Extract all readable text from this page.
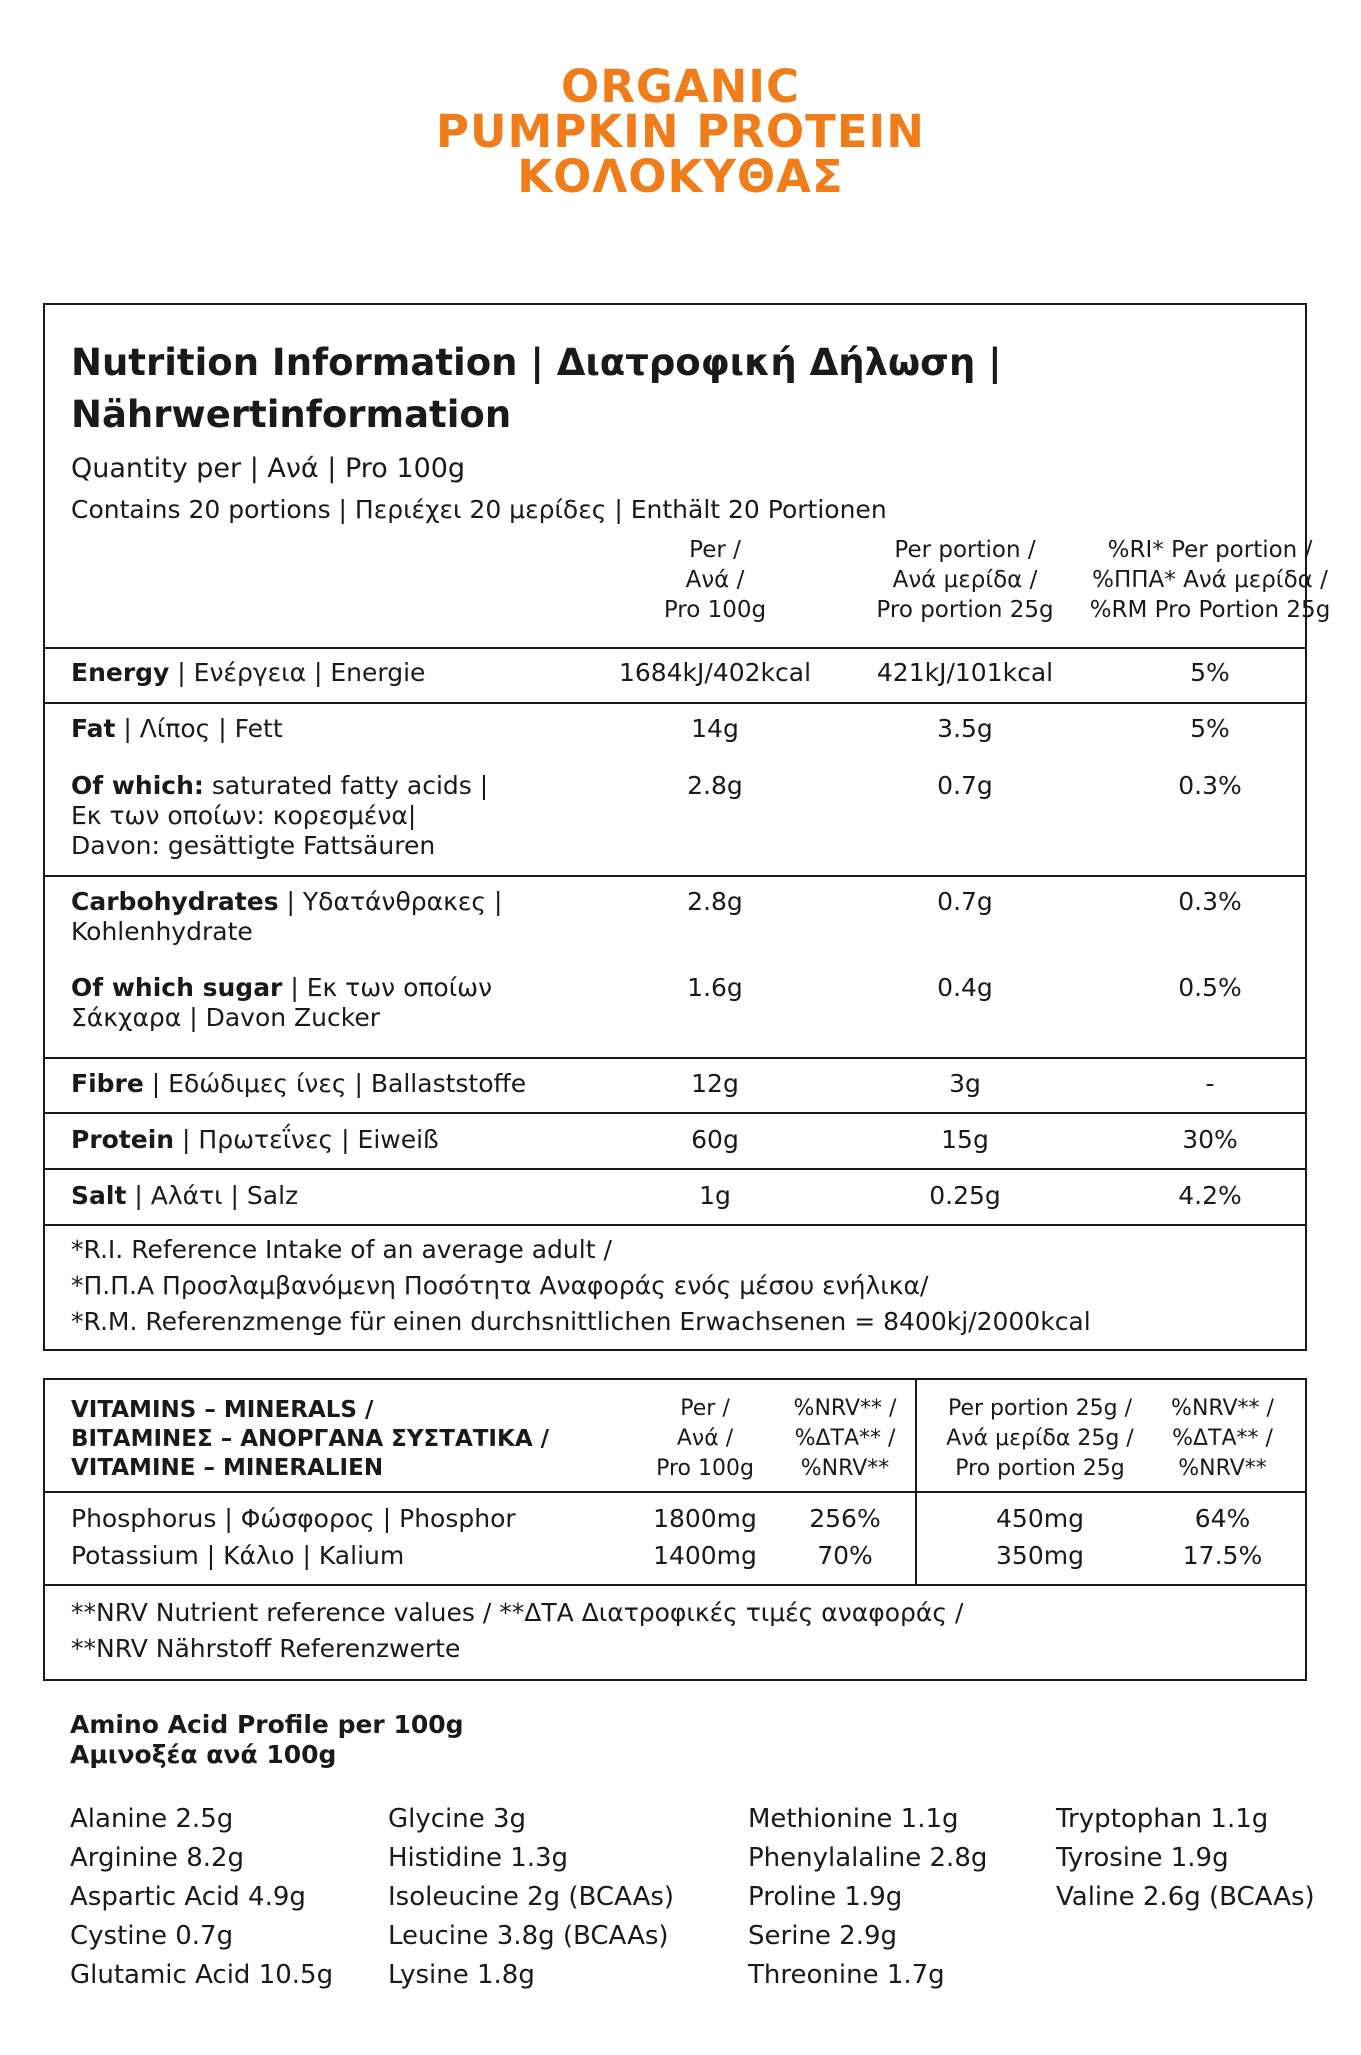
ORGANIC
PUMPKIN PROTEIN
ΚΟΛΟΚΥΘΑΣ
Nutrition Information | Διατροφική Δήλωση |
Nährwertinformation
Quantity per | Ανά | Pro 100g
Contains 20 portions | Περιέχει 20 μερίδες | Enthält 20 Portionen
Per /
Ανά /
Pro 100g
Per portion /
Ανά μερίδα /
Pro portion 25g
%RI* Per portion /
%ΠΠΑ* Ανά μερίδα /
%RM Pro Portion 25g
Energy | Ενέργεια | Energie	1684kJ/402kcal	421kJ/101kcal	5%
Fat | Λίπος | Fett	14g	3.5g	5%
Of which: saturated fatty acids |
Εκ των οποίων: κορεσμένα|
Davon: gesättigte Fattsäuren
2.8g	0.7g	0.3%
Carbohydrates | Υδατάνθρακες |
Kohlenhydrate
2.8g	0.7g	0.3%
Of which sugar | Εκ των οποίων
Σάκχαρα | Davon Zucker
1.6g	0.4g	0.5%
Fibre | Εδώδιμες ίνες | Ballaststoffe	12g	3g	-
Protein | Πρωτεΐνες | Eiweiß	60g	15g	30%
Salt | Αλάτι | Salz	1g	0.25g	4.2%
*R.I. Reference Intake of an average adult /
*Π.Π.Α Προσλαμβανόμενη Ποσότητα Αναφοράς ενός μέσου ενήλικα/
*R.M. Referenzmenge für einen durchsnittlichen Erwachsenen = 8400kj/2000kcal
VITAMINS – MINERALS /
ΒΙΤΑΜΙΝΕΣ – ΑΝΟΡΓΑΝΑ ΣΥΣΤΑΤΙΚΑ /
VITAMINE – MINERALIEN
Per /
Ανά /
Pro 100g
%NRV** /
%ΔΤΑ** /
%NRV**
Per portion 25g /
Ανά μερίδα 25g /
Pro portion 25g
%NRV** /
%ΔΤΑ** /
%NRV**
Phosphorus | Φώσφορος | Phosphor	1800mg	256%	450mg	64%
Potassium | Κάλιο | Kalium	1400mg	70%	350mg	17.5%
**NRV Nutrient reference values / **ΔΤΑ Διατροφικές τιμές αναφοράς /
**NRV Nährstoff Referenzwerte
Amino Acid Profile per 100g
Αμινοξέα ανά 100g
Alanine 2.5g
Arginine 8.2g
Aspartic Acid 4.9g
Cystine 0.7g
Glutamic Acid 10.5g
Glycine 3g
Histidine 1.3g
Isoleucine 2g (BCAAs)
Leucine 3.8g (BCAAs)
Lysine 1.8g
Methionine 1.1g
Phenylalaline 2.8g
Proline 1.9g
Serine 2.9g
Threonine 1.7g
Tryptophan 1.1g
Tyrosine 1.9g
Valine 2.6g (BCAAs)
